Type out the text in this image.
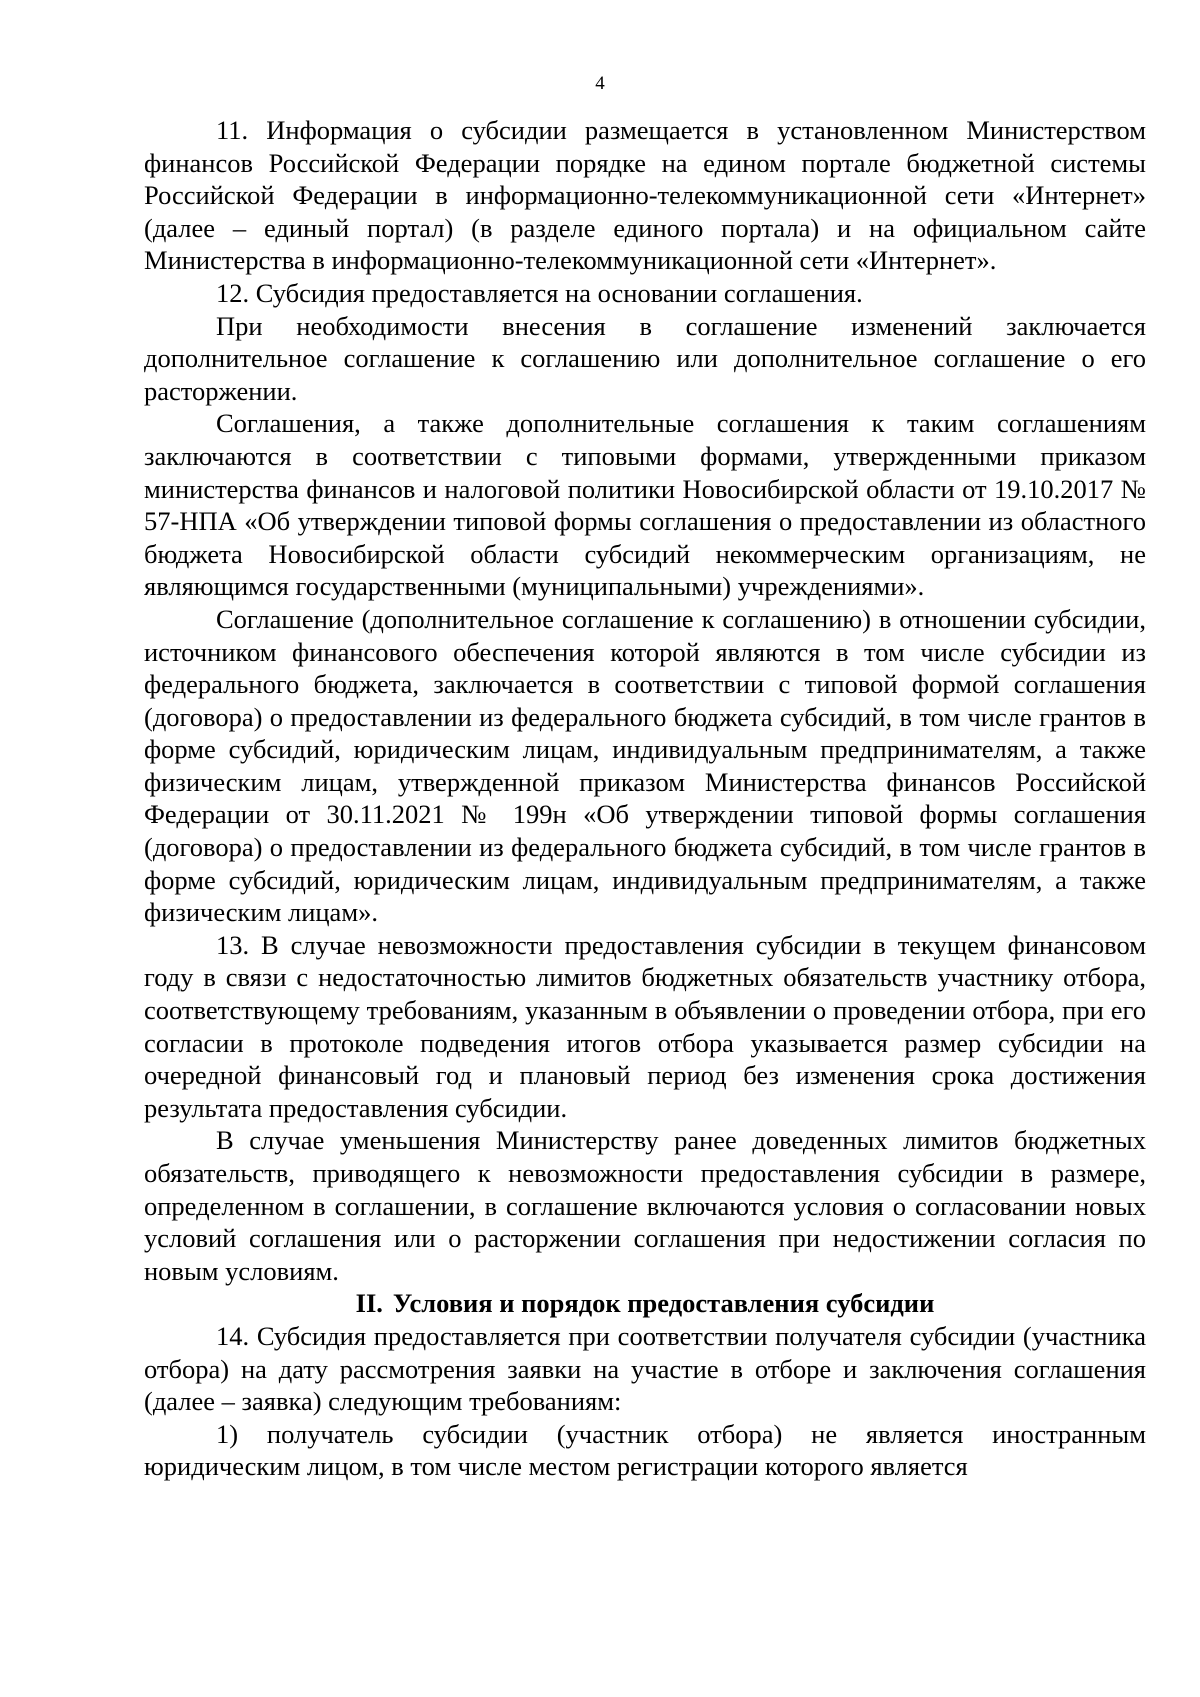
4

11. Информация о субсидии размещается в установленном Министерством финансов Российской Федерации порядке на едином портале бюджетной системы Российской Федерации в информационно-телекоммуникационной сети «Интернет» (далее – единый портал) (в разделе единого портала) и на официальном сайте Министерства в информационно-телекоммуникационной сети «Интернет».

12. Субсидия предоставляется на основании соглашения.

При необходимости внесения в соглашение изменений заключается дополнительное соглашение к соглашению или дополнительное соглашение о его расторжении.

Соглашения, а также дополнительные соглашения к таким соглашениям заключаются в соответствии с типовыми формами, утвержденными приказом министерства финансов и налоговой политики Новосибирской области от 19.10.2017 № 57-НПА «Об утверждении типовой формы соглашения о предоставлении из областного бюджета Новосибирской области субсидий некоммерческим организациям, не являющимся государственными (муниципальными) учреждениями».

Соглашение (дополнительное соглашение к соглашению) в отношении субсидии, источником финансового обеспечения которой являются в том числе субсидии из федерального бюджета, заключается в соответствии с типовой формой соглашения (договора) о предоставлении из федерального бюджета субсидий, в том числе грантов в форме субсидий, юридическим лицам, индивидуальным предпринимателям, а также физическим лицам, утвержденной приказом Министерства финансов Российской Федерации от 30.11.2021 № 199н «Об утверждении типовой формы соглашения (договора) о предоставлении из федерального бюджета субсидий, в том числе грантов в форме субсидий, юридическим лицам, индивидуальным предпринимателям, а также физическим лицам».

13. В случае невозможности предоставления субсидии в текущем финансовом году в связи с недостаточностью лимитов бюджетных обязательств участнику отбора, соответствующему требованиям, указанным в объявлении о проведении отбора, при его согласии в протоколе подведения итогов отбора указывается размер субсидии на очередной финансовый год и плановый период без изменения срока достижения результата предоставления субсидии.

В случае уменьшения Министерству ранее доведенных лимитов бюджетных обязательств, приводящего к невозможности предоставления субсидии в размере, определенном в соглашении, в соглашение включаются условия о согласовании новых условий соглашения или о расторжении соглашения при недостижении согласия по новым условиям.

II. Условия и порядок предоставления субсидии

14. Субсидия предоставляется при соответствии получателя субсидии (участника отбора) на дату рассмотрения заявки на участие в отборе и заключения соглашения (далее – заявка) следующим требованиям:

1) получатель субсидии (участник отбора) не является иностранным юридическим лицом, в том числе местом регистрации которого является
